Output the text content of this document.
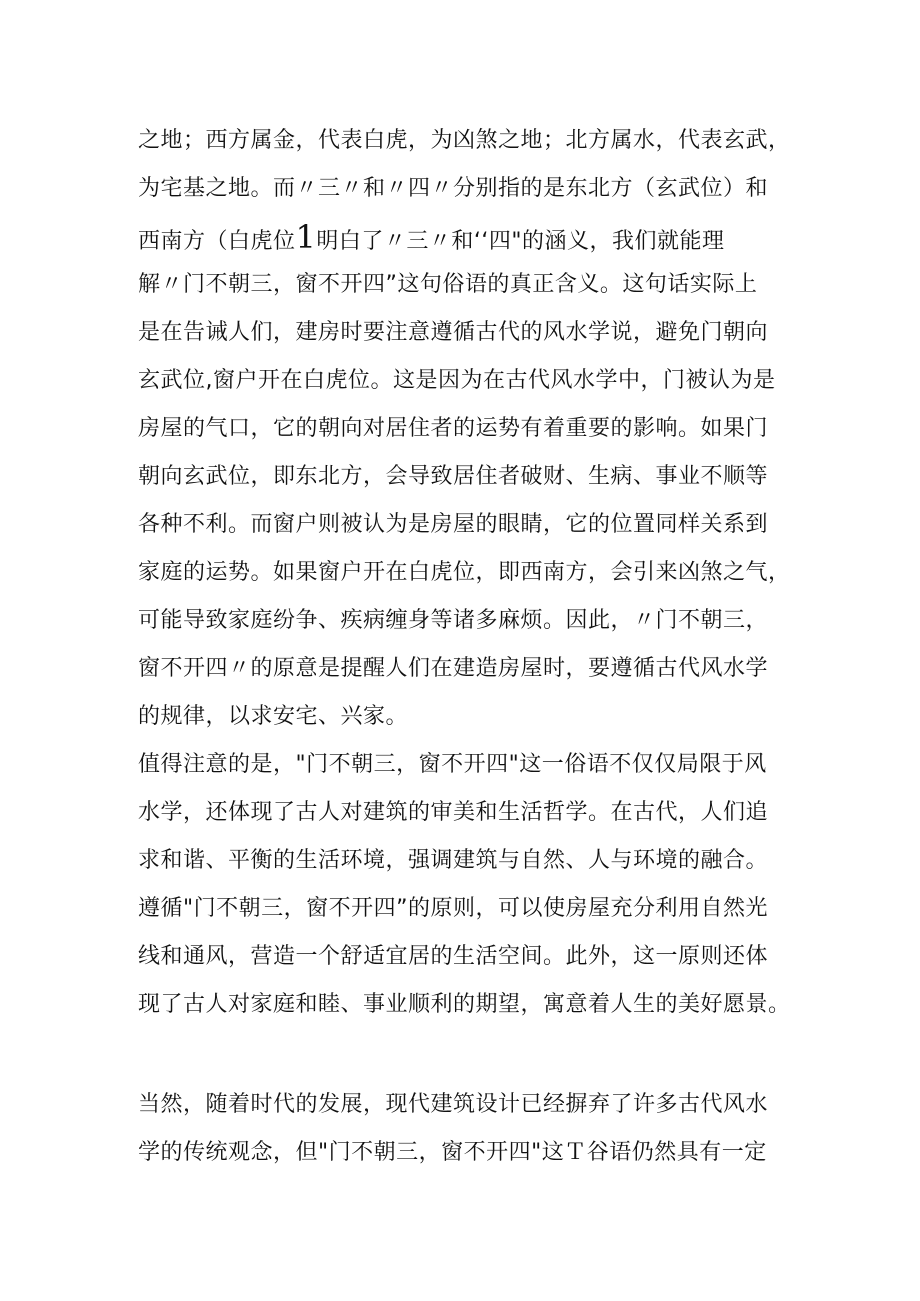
之地；西方属金，代表白虎，为凶煞之地；北方属水，代表玄武，
为宅基之地。而〃三〃和〃四〃分别指的是东北方（玄武位）和
西南方（白虎位1明白了〃三〃和‘‘四"的涵义，我们就能理
解〃门不朝三，窗不开四”这句俗语的真正含义。这句话实际上
是在告诫人们，建房时要注意遵循古代的风水学说，避免门朝向
玄武位,窗户开在白虎位。这是因为在古代风水学中，门被认为是
房屋的气口，它的朝向对居住者的运势有着重要的影响。如果门
朝向玄武位，即东北方，会导致居住者破财、生病、事业不顺等
各种不利。而窗户则被认为是房屋的眼睛，它的位置同样关系到
家庭的运势。如果窗户开在白虎位，即西南方，会引来凶煞之气，
可能导致家庭纷争、疾病缠身等诸多麻烦。因此，〃门不朝三，
窗不开四〃的原意是提醒人们在建造房屋时，要遵循古代风水学
的规律，以求安宅、兴家。
值得注意的是，"门不朝三，窗不开四"这一俗语不仅仅局限于风
水学，还体现了古人对建筑的审美和生活哲学。在古代，人们追
求和谐、平衡的生活环境，强调建筑与自然、人与环境的融合。
遵循"门不朝三，窗不开四”的原则，可以使房屋充分利用自然光
线和通风，营造一个舒适宜居的生活空间。此外，这一原则还体
现了古人对家庭和睦、事业顺利的期望，寓意着人生的美好愿景。
当然，随着时代的发展，现代建筑设计已经摒弃了许多古代风水
学的传统观念，但"门不朝三，窗不开四"这Ｔ谷语仍然具有一定
